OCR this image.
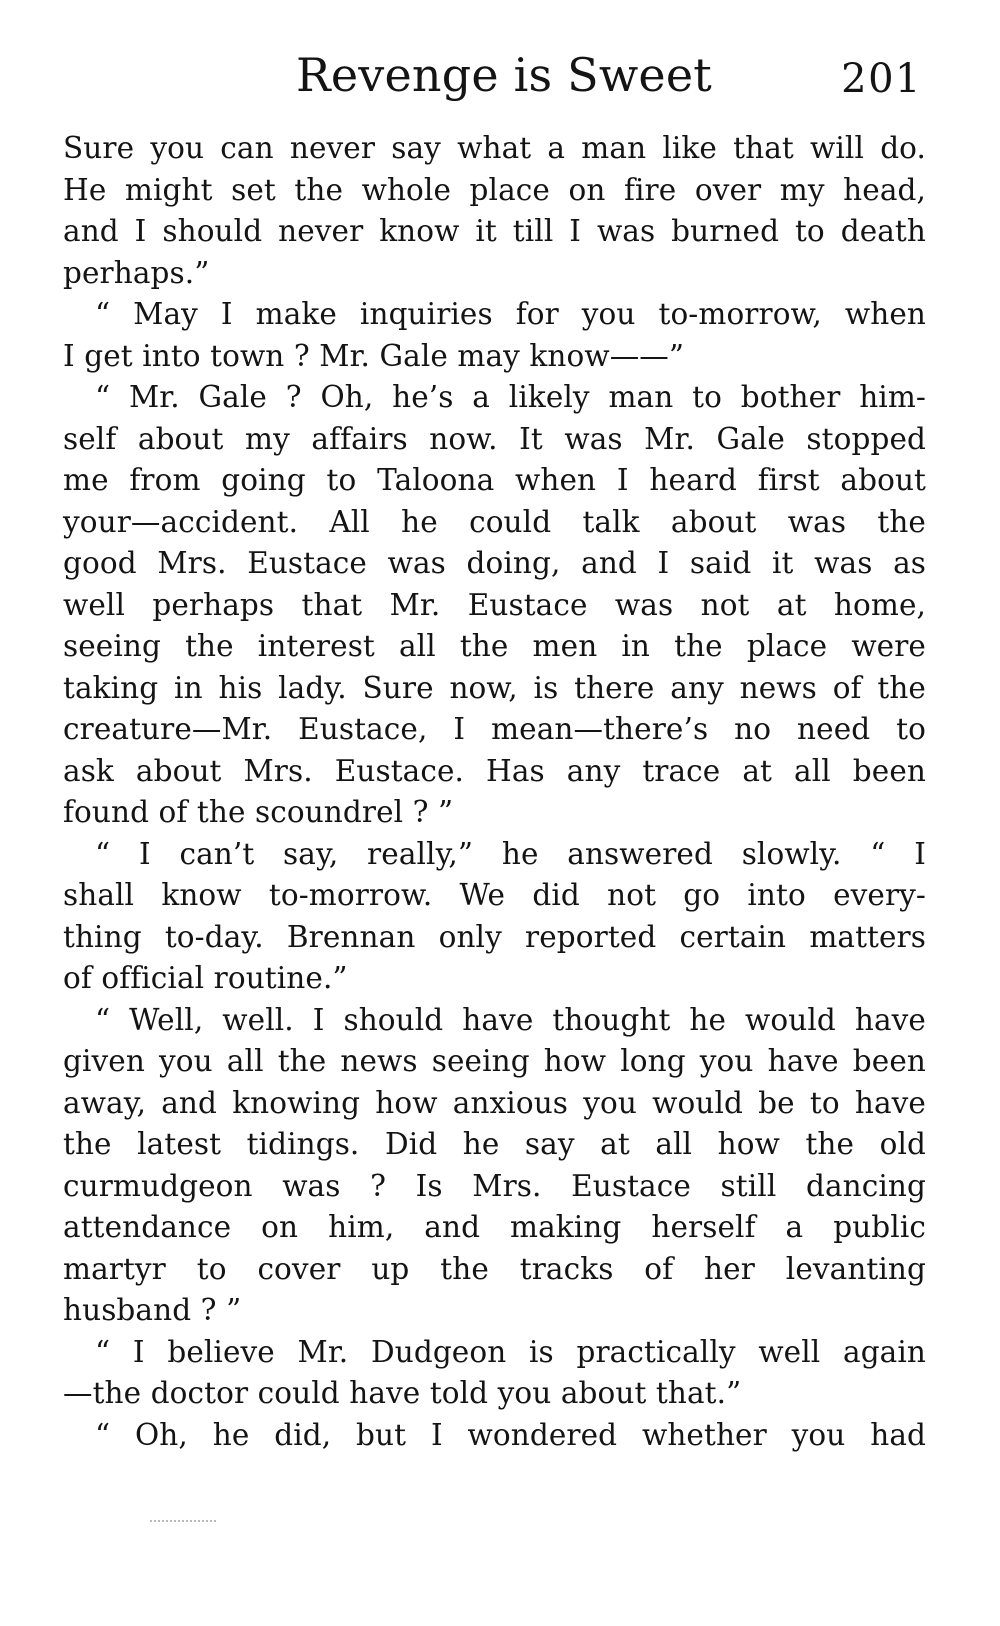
Revenge is Sweet	201
Sure you can never say what a man like that will do.
He might set the whole place on fire over my head,
and I should never know it till I was burned to death
perhaps.”
“ May I make inquiries for you to-morrow, when
I get into town ? Mr. Gale may know——”
“ Mr. Gale ? Oh, he’s a likely man to bother him-
self about my affairs now. It was Mr. Gale stopped
me from going to Taloona when I heard first about
your—accident. All he could talk about was the
good Mrs. Eustace was doing, and I said it was as
well perhaps that Mr. Eustace was not at home,
seeing the interest all the men in the place were
taking in his lady. Sure now, is there any news of the
creature—Mr. Eustace, I mean—there’s no need to
ask about Mrs. Eustace. Has any trace at all been
found of the scoundrel ? ”
“ I can’t say, really,” he answered slowly. “ I
shall know to-morrow. We did not go into every-
thing to-day. Brennan only reported certain matters
of official routine.”
“ Well, well. I should have thought he would have
given you all the news seeing how long you have been
away, and knowing how anxious you would be to have
the latest tidings. Did he say at all how the old
curmudgeon was ? Is Mrs. Eustace still dancing
attendance on him, and making herself a public
martyr to cover up the tracks of her levanting
husband ? ”
“ I believe Mr. Dudgeon is practically well again
—the doctor could have told you about that.”
“ Oh, he did, but I wondered whether you had
